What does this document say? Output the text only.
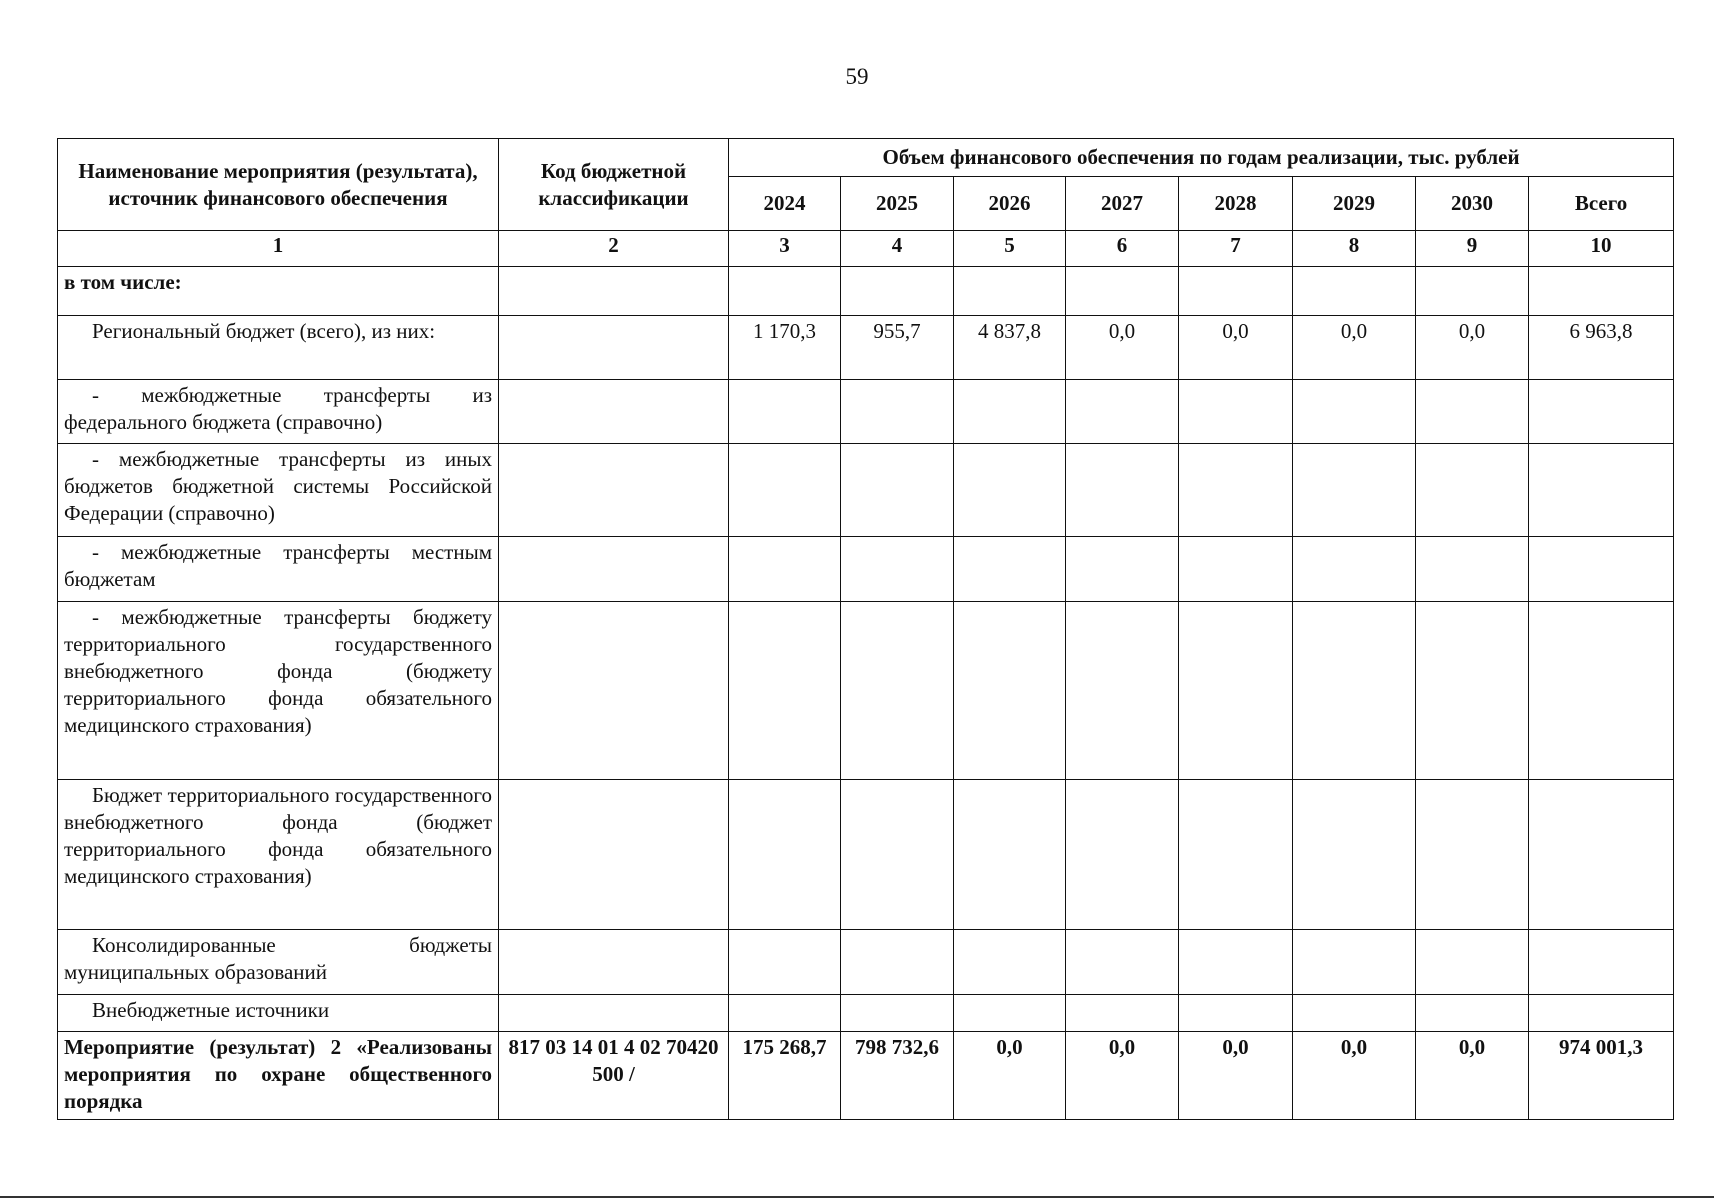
59
Наименование мероприятия (результата), источник финансового обеспечения	Код бюджетной классификации	Объем финансового обеспечения по годам реализации, тыс. рублей							
		2024	2025	2026	2027	2028	2029	2030	Всего
1	2	3	4	5	6	7	8	9	10
в том числе:									
Региональный бюджет (всего), из них:		1 170,3	955,7	4 837,8	0,0	0,0	0,0	0,0	6 963,8
- межбюджетные трансферты из федерального бюджета (справочно)									
- межбюджетные трансферты из иных бюджетов бюджетной системы Российской Федерации (справочно)									
- межбюджетные трансферты местным бюджетам									
- межбюджетные трансферты бюджету территориального государственного внебюджетного фонда (бюджету территориального фонда обязательного медицинского страхования)									
Бюджет территориального государственного внебюджетного фонда (бюджет территориального фонда обязательного медицинского страхования)									
Консолидированные бюджеты муниципальных образований									
Внебюджетные источники									
Мероприятие (результат) 2 «Реализованы мероприятия по охране общественного порядка	817 03 14 01 4 02 70420 500 /	175 268,7	798 732,6	0,0	0,0	0,0	0,0	0,0	974 001,3
